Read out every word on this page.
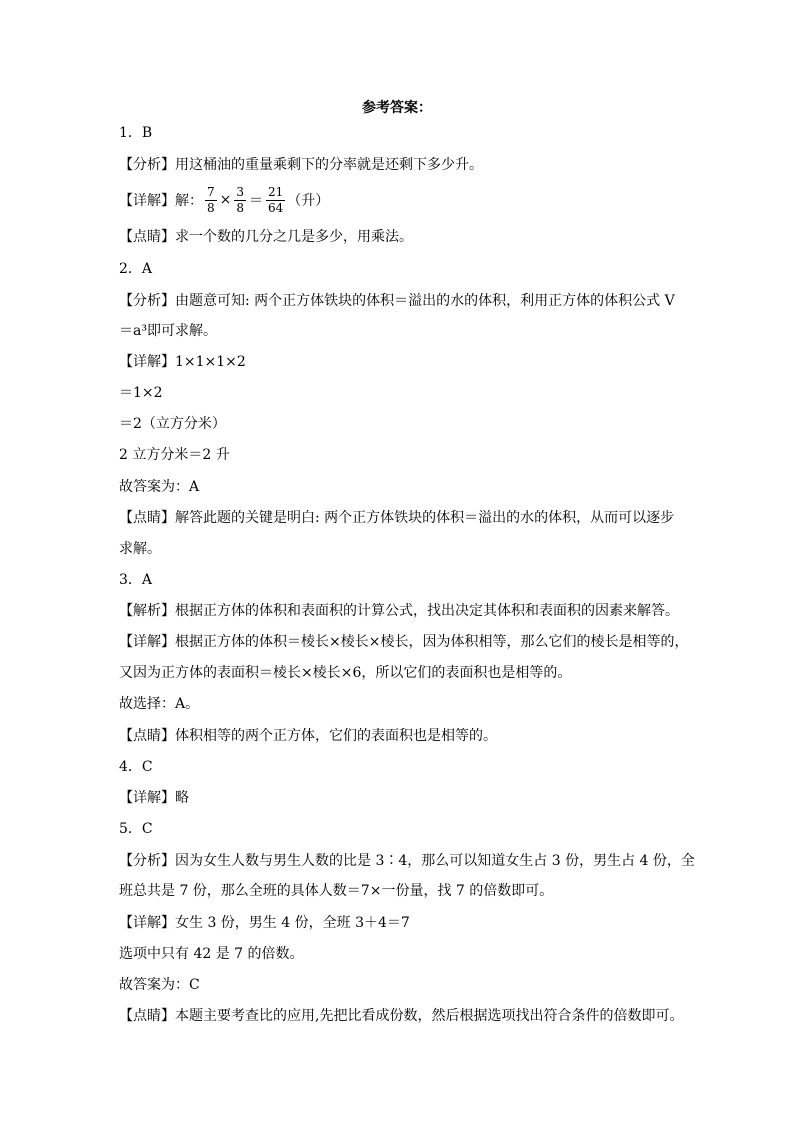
参考答案：
1．B
【分析】用这桶油的重量乘剩下的分率就是还剩下多少升。
【详解】解： $\frac{7}{8} \times \frac{3}{8} = \frac{21}{64}$ （升）
【点睛】求一个数的几分之几是多少，用乘法。
2．A
【分析】由题意可知: 两个正方体铁块的体积＝溢出的水的体积，利用正方体的体积公式 V
＝a³即可求解。
【详解】1×1×1×2
＝1×2
＝2（立方分米）
2 立方分米＝2 升
故答案为：A
【点睛】解答此题的关键是明白: 两个正方体铁块的体积＝溢出的水的体积，从而可以逐步
求解。
3．A
【解析】根据正方体的体积和表面积的计算公式，找出决定其体积和表面积的因素来解答。
【详解】根据正方体的体积＝棱长×棱长×棱长，因为体积相等，那么它们的棱长是相等的，
又因为正方体的表面积＝棱长×棱长×6，所以它们的表面积也是相等的。
故选择：A。
【点睛】体积相等的两个正方体，它们的表面积也是相等的。
4．C
【详解】略
5．C
【分析】因为女生人数与男生人数的比是 3∶4，那么可以知道女生占 3 份，男生占 4 份，全
班总共是 7 份，那么全班的具体人数＝7×一份量，找 7 的倍数即可。
【详解】女生 3 份，男生 4 份，全班 3＋4＝7
选项中只有 42 是 7 的倍数。
故答案为：C
【点睛】本题主要考查比的应用,先把比看成份数，然后根据选项找出符合条件的倍数即可。
